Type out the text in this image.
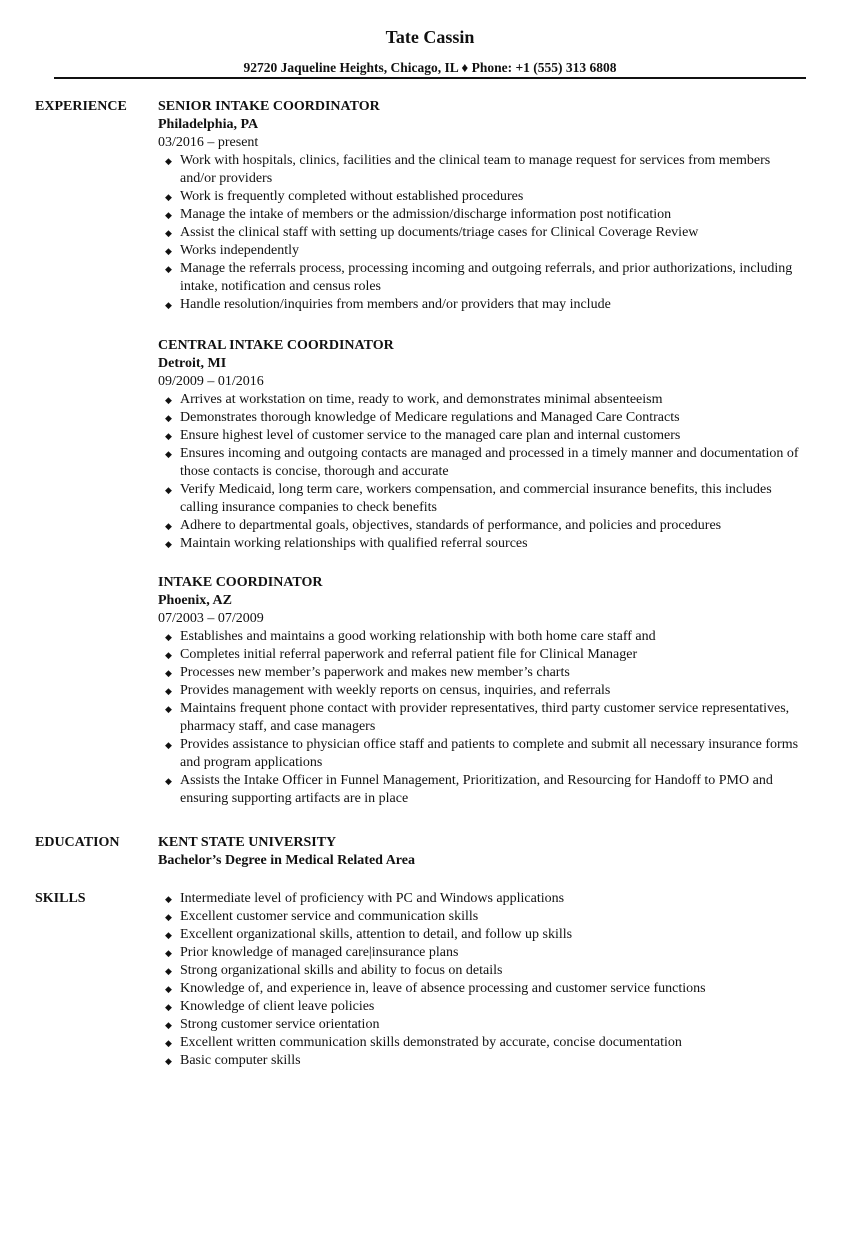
Tate Cassin
92720 Jaqueline Heights, Chicago, IL ♦ Phone: +1 (555) 313 6808
EXPERIENCE SENIOR INTAKE COORDINATOR
Philadelphia, PA
03/2016 – present
◆ Work with hospitals, clinics, facilities and the clinical team to manage request for services from members and/or providers
◆ Work is frequently completed without established procedures
◆ Manage the intake of members or the admission/discharge information post notification
◆ Assist the clinical staff with setting up documents/triage cases for Clinical Coverage Review
◆ Works independently
◆ Manage the referrals process, processing incoming and outgoing referrals, and prior authorizations, including intake, notification and census roles
◆ Handle resolution/inquiries from members and/or providers that may include
CENTRAL INTAKE COORDINATOR
Detroit, MI
09/2009 – 01/2016
◆ Arrives at workstation on time, ready to work, and demonstrates minimal absenteeism
◆ Demonstrates thorough knowledge of Medicare regulations and Managed Care Contracts
◆ Ensure highest level of customer service to the managed care plan and internal customers
◆ Ensures incoming and outgoing contacts are managed and processed in a timely manner and documentation of those contacts is concise, thorough and accurate
◆ Verify Medicaid, long term care, workers compensation, and commercial insurance benefits, this includes calling insurance companies to check benefits
◆ Adhere to departmental goals, objectives, standards of performance, and policies and procedures
◆ Maintain working relationships with qualified referral sources
INTAKE COORDINATOR
Phoenix, AZ
07/2003 – 07/2009
◆ Establishes and maintains a good working relationship with both home care staff and
◆ Completes initial referral paperwork and referral patient file for Clinical Manager
◆ Processes new member’s paperwork and makes new member’s charts
◆ Provides management with weekly reports on census, inquiries, and referrals
◆ Maintains frequent phone contact with provider representatives, third party customer service representatives, pharmacy staff, and case managers
◆ Provides assistance to physician office staff and patients to complete and submit all necessary insurance forms and program applications
◆ Assists the Intake Officer in Funnel Management, Prioritization, and Resourcing for Handoff to PMO and ensuring supporting artifacts are in place
EDUCATION	KENT STATE UNIVERSITY
Bachelor’s Degree in Medical Related Area
SKILLS	◆ Intermediate level of proficiency with PC and Windows applications
◆ Excellent customer service and communication skills
◆ Excellent organizational skills, attention to detail, and follow up skills
◆ Prior knowledge of managed care|insurance plans
◆ Strong organizational skills and ability to focus on details
◆ Knowledge of, and experience in, leave of absence processing and customer service functions
◆ Knowledge of client leave policies
◆ Strong customer service orientation
◆ Excellent written communication skills demonstrated by accurate, concise documentation
◆ Basic computer skills
